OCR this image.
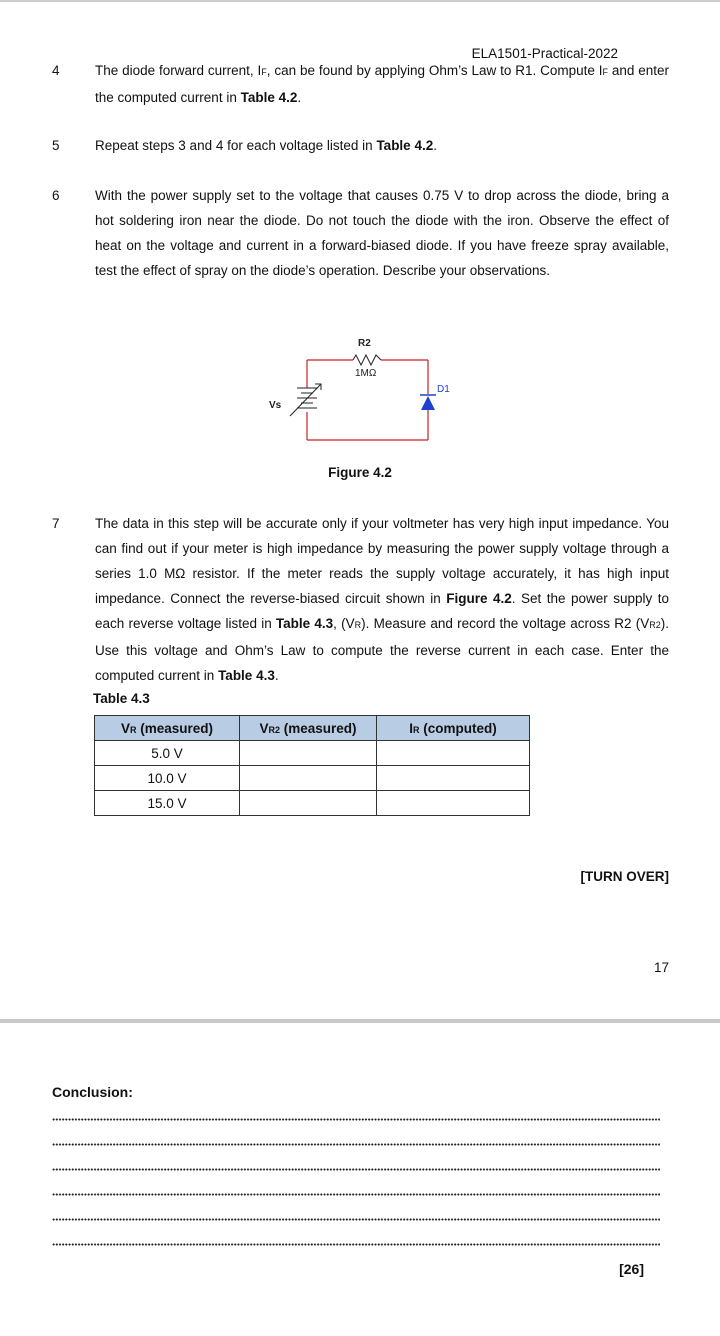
ELA1501-Practical-2022
4	The diode forward current, IF, can be found by applying Ohm’s Law to R1. Compute IF and enter the computed current in Table 4.2.
5	Repeat steps 3 and 4 for each voltage listed in Table 4.2.
6	With the power supply set to the voltage that causes 0.75 V to drop across the diode, bring a hot soldering iron near the diode. Do not touch the diode with the iron. Observe the effect of heat on the voltage and current in a forward-biased diode. If you have freeze spray available, test the effect of spray on the diode’s operation. Describe your observations.
R2
1MΩ
Vs
D1
Figure 4.2
7	The data in this step will be accurate only if your voltmeter has very high input impedance. You can find out if your meter is high impedance by measuring the power supply voltage through a series 1.0 MΩ resistor. If the meter reads the supply voltage accurately, it has high input impedance. Connect the reverse-biased circuit shown in Figure 4.2. Set the power supply to each reverse voltage listed in Table 4.3, (VR). Measure and record the voltage across R2 (VR2). Use this voltage and Ohm’s Law to compute the reverse current in each case. Enter the computed current in Table 4.3.
Table 4.3
VR (measured)	VR2 (measured)	IR (computed)
5.0 V		
10.0 V		
15.0 V		
[TURN OVER]
17
Conclusion:
[26]
